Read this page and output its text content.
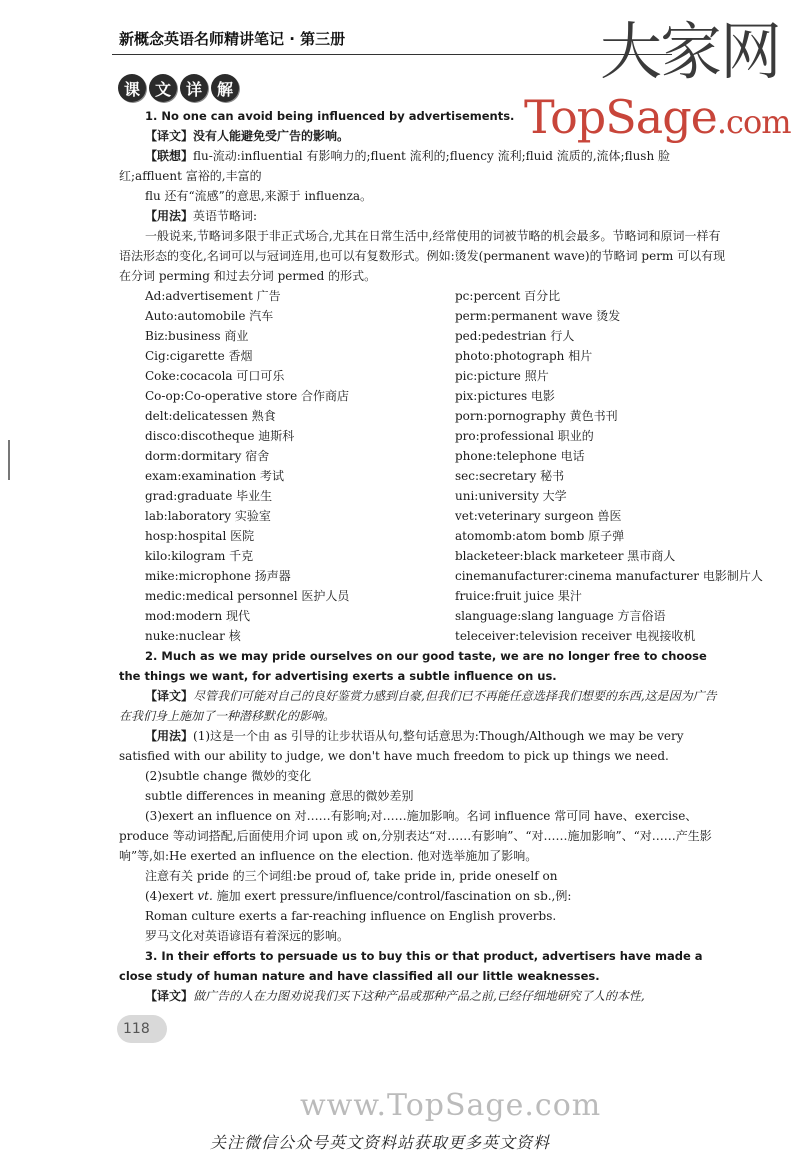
新概念英语名师精讲笔记 · 第三册	大家网
TopSage.com
课 文 详 解

1. No one can avoid being influenced by advertisements.

【译文】没有人能避免受广告的影响。

【联想】flu-流动:influential 有影响力的;fluent 流利的;fluency 流利;fluid 流质的,流体;flush 脸红;affluent 富裕的,丰富的

flu 还有“流感”的意思,来源于 influenza。

【用法】英语节略词:

一般说来,节略词多限于非正式场合,尤其在日常生活中,经常使用的词被节略的机会最多。节略词和原词一样有语法形态的变化,名词可以与冠词连用,也可以有复数形式。例如:烫发(permanent wave)的节略词 perm 可以有现在分词 perming 和过去分词 permed 的形式。

Ad:advertisement 广告	pc:percent 百分比
Auto:automobile 汽车	perm:permanent wave 烫发
Biz:business 商业	ped:pedestrian 行人
Cig:cigarette 香烟	photo:photograph 相片
Coke:cocacola 可口可乐	pic:picture 照片
Co-op:Co-operative store 合作商店	pix:pictures 电影
delt:delicatessen 熟食	porn:pornography 黄色书刊
disco:discotheque 迪斯科	pro:professional 职业的
dorm:dormitary 宿舍	phone:telephone 电话
exam:examination 考试	sec:secretary 秘书
grad:graduate 毕业生	uni:university 大学
lab:laboratory 实验室	vet:veterinary surgeon 兽医
hosp:hospital 医院	atomomb:atom bomb 原子弹
kilo:kilogram 千克	blacketeer:black marketeer 黑市商人
mike:microphone 扬声器	cinemanufacturer:cinema manufacturer 电影制片人
medic:medical personnel 医护人员	fruice:fruit juice 果汁
mod:modern 现代	slanguage:slang language 方言俗语
nuke:nuclear 核	teleceiver:television receiver 电视接收机

2. Much as we may pride ourselves on our good taste, we are no longer free to choose the things we want, for advertising exerts a subtle influence on us.

【译文】尽管我们可能对自己的良好鉴赏力感到自豪,但我们已不再能任意选择我们想要的东西,这是因为广告在我们身上施加了一种潜移默化的影响。

【用法】(1)这是一个由 as 引导的让步状语从句,整句话意思为:Though/Although we may be very satisfied with our ability to judge, we don't have much freedom to pick up things we need.

(2)subtle change 微妙的变化

subtle differences in meaning 意思的微妙差别

(3)exert an influence on 对……有影响;对……施加影响。名词 influence 常可同 have、exercise、produce 等动词搭配,后面使用介词 upon 或 on,分别表达“对……有影响”、“对……施加影响”、“对……产生影响”等,如:He exerted an influence on the election. 他对选举施加了影响。

注意有关 pride 的三个词组:be proud of, take pride in, pride oneself on

(4)exert vt. 施加 exert pressure/influence/control/fascination on sb.,例:

Roman culture exerts a far-reaching influence on English proverbs.

罗马文化对英语谚语有着深远的影响。

3. In their efforts to persuade us to buy this or that product, advertisers have made a close study of human nature and have classified all our little weaknesses.

【译文】做广告的人在力图劝说我们买下这种产品或那种产品之前,已经仔细地研究了人的本性,

118
www.TopSage.com
关注微信公众号英文资料站获取更多英文资料
